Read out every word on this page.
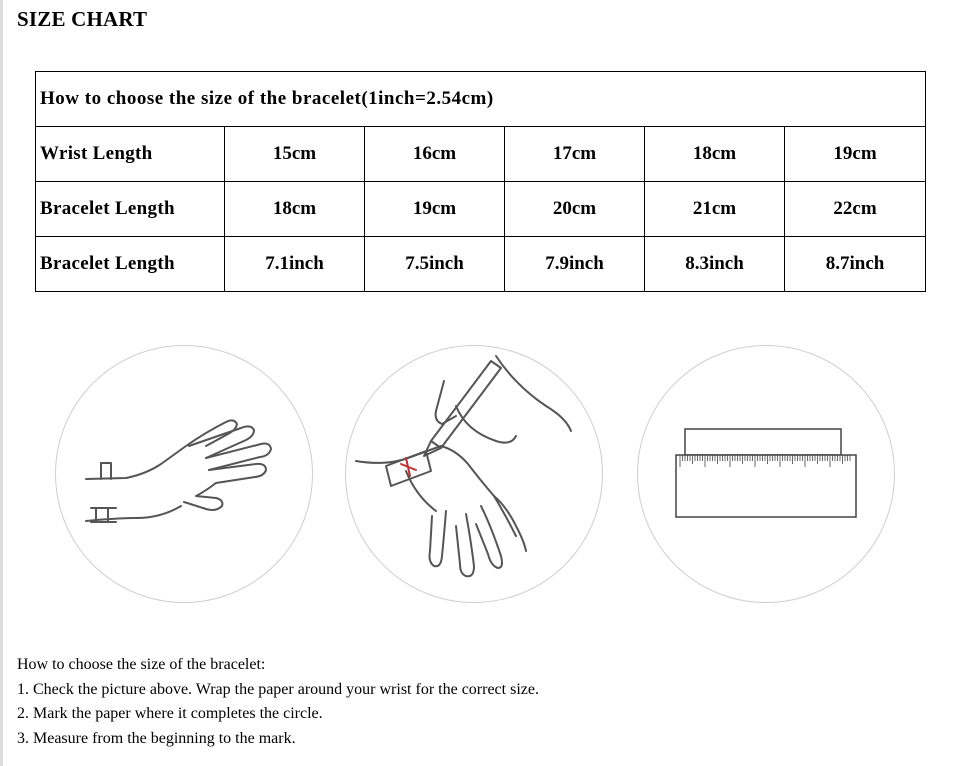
SIZE CHART
How to choose the size of the bracelet(1inch=2.54cm)					
Wrist Length	15cm	16cm	17cm	18cm	19cm
Bracelet Length	18cm	19cm	20cm	21cm	22cm
Bracelet Length	7.1inch	7.5inch	7.9inch	8.3inch	8.7inch
How to choose the size of the bracelet:
1. Check the picture above. Wrap the paper around your wrist for the correct size.
2. Mark the paper where it completes the circle.
3. Measure from the beginning to the mark.
